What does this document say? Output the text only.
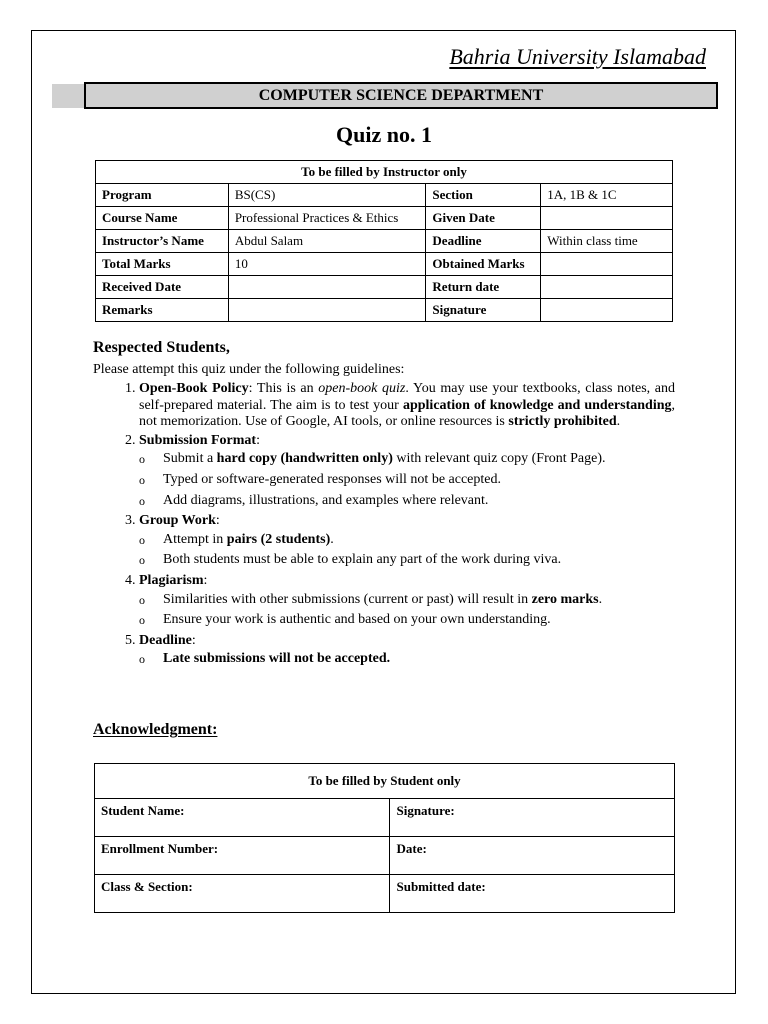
Bahria University Islamabad
COMPUTER SCIENCE DEPARTMENT
Quiz no. 1
To be filled by Instructor only			
Program	BS(CS)	Section	1A, 1B & 1C
Course Name	Professional Practices & Ethics	Given Date	
Instructor’s Name	Abdul Salam	Deadline	Within class time
Total Marks	10	Obtained Marks	
Received Date		Return date	
Remarks		Signature	
Respected Students,
Please attempt this quiz under the following guidelines:
1. Open-Book Policy: This is an open-book quiz. You may use your textbooks, class notes, and self-prepared material. The aim is to test your application of knowledge and understanding, not memorization. Use of Google, AI tools, or online resources is strictly prohibited.
2. Submission Format:
o Submit a hard copy (handwritten only) with relevant quiz copy (Front Page).
o Typed or software-generated responses will not be accepted.
o Add diagrams, illustrations, and examples where relevant.
3. Group Work:
o Attempt in pairs (2 students).
o Both students must be able to explain any part of the work during viva.
4. Plagiarism:
o Similarities with other submissions (current or past) will result in zero marks.
o Ensure your work is authentic and based on your own understanding.
5. Deadline:
o Late submissions will not be accepted.
Acknowledgment:
To be filled by Student only	
Student Name:	Signature:
Enrollment Number:	Date:
Class & Section:	Submitted date:
